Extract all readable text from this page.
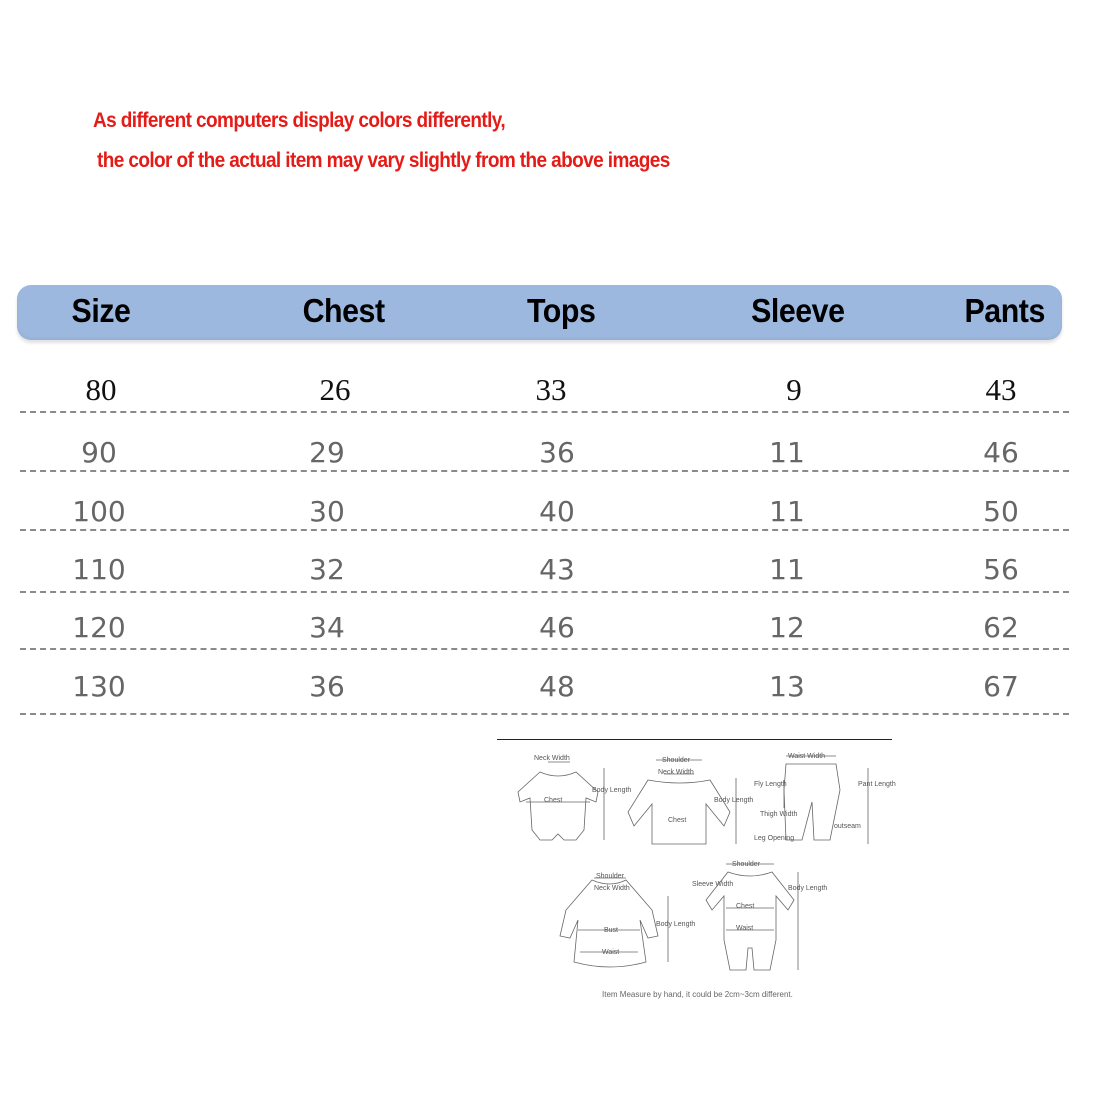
As different computers display colors differently,
the color of the actual item may vary slightly from the above images
Size	Chest	Tops	Sleeve	Pants
80	26	33	9	43
90	29	36	11	46
100	30	40	11	50
110	32	43	11	56
120	34	46	12	62
130	36	48	13	67
Neck Width
Chest
Body Length
Shoulder
Neck Width
Chest
Body Length
Waist Width
Fly Length	Pant Length
Thigh Width
outseam
Leg Opening
Shoulder
Neck Width
Bust
Body Length
Waist
Shoulder
Sleeve Width
Body Length
Chest
Waist
Item Measure by hand, it could be 2cm~3cm different.
